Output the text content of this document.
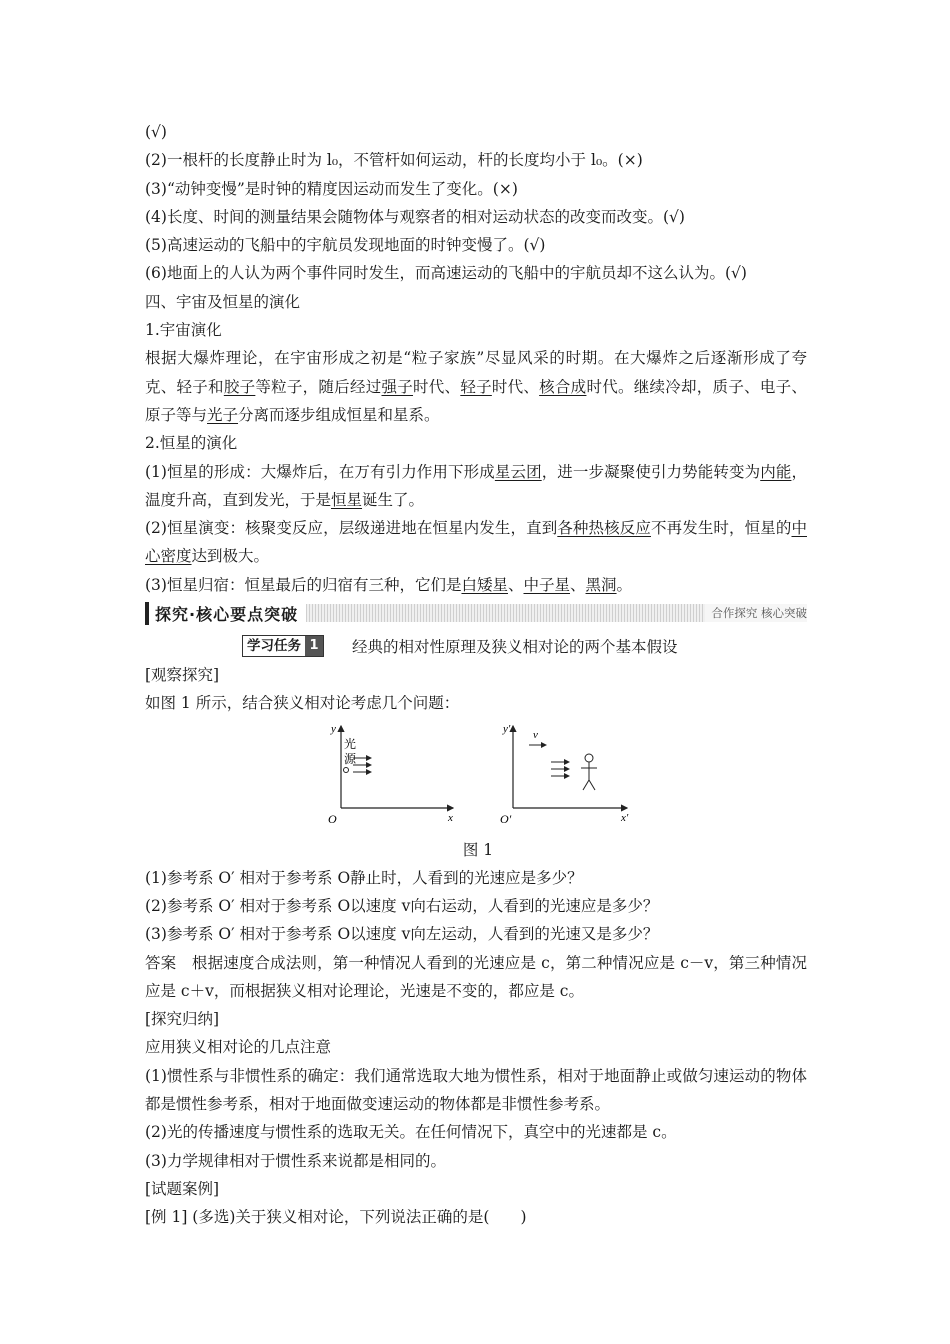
(√)
(2)一根杆的长度静止时为 l₀，不管杆如何运动，杆的长度均小于 l₀。(×)
(3)“动钟变慢”是时钟的精度因运动而发生了变化。(×)
(4)长度、时间的测量结果会随物体与观察者的相对运动状态的改变而改变。(√)
(5)高速运动的飞船中的宇航员发现地面的时钟变慢了。(√)
(6)地面上的人认为两个事件同时发生，而高速运动的飞船中的宇航员却不这么认为。(√)
四、宇宙及恒星的演化
1.宇宙演化
根据大爆炸理论，在宇宙形成之初是“粒子家族”尽显风采的时期。在大爆炸之后逐渐形成了夸克、轻子和胶子等粒子，随后经过强子时代、轻子时代、核合成时代。继续冷却，质子、电子、原子等与光子分离而逐步组成恒星和星系。
2.恒星的演化
(1)恒星的形成：大爆炸后，在万有引力作用下形成星云团，进一步凝聚使引力势能转变为内能，温度升高，直到发光，于是恒星诞生了。
(2)恒星演变：核聚变反应，层级递进地在恒星内发生，直到各种热核反应不再发生时，恒星的中心密度达到极大。
(3)恒星归宿：恒星最后的归宿有三种，它们是白矮星、中子星、黑洞。
探究·核心要点突破	合作探究 核心突破
学习任务 1 经典的相对性原理及狭义相对论的两个基本假设
[观察探究]
如图 1 所示，结合狭义相对论考虑几个问题：
y
x
O
光
源
y′
x′
O′
v
图 1
(1)参考系 O′ 相对于参考系 O静止时，人看到的光速应是多少？
(2)参考系 O′ 相对于参考系 O以速度 v向右运动，人看到的光速应是多少？
(3)参考系 O′ 相对于参考系 O以速度 v向左运动，人看到的光速又是多少？
答案　根据速度合成法则，第一种情况人看到的光速应是 c，第二种情况应是 c－v，第三种情况应是 c＋v，而根据狭义相对论理论，光速是不变的，都应是 c。
[探究归纳]
应用狭义相对论的几点注意
(1)惯性系与非惯性系的确定：我们通常选取大地为惯性系，相对于地面静止或做匀速运动的物体都是惯性参考系，相对于地面做变速运动的物体都是非惯性参考系。
(2)光的传播速度与惯性系的选取无关。在任何情况下，真空中的光速都是 c。
(3)力学规律相对于惯性系来说都是相同的。
[试题案例]
[例 1] (多选)关于狭义相对论，下列说法正确的是(　　)
